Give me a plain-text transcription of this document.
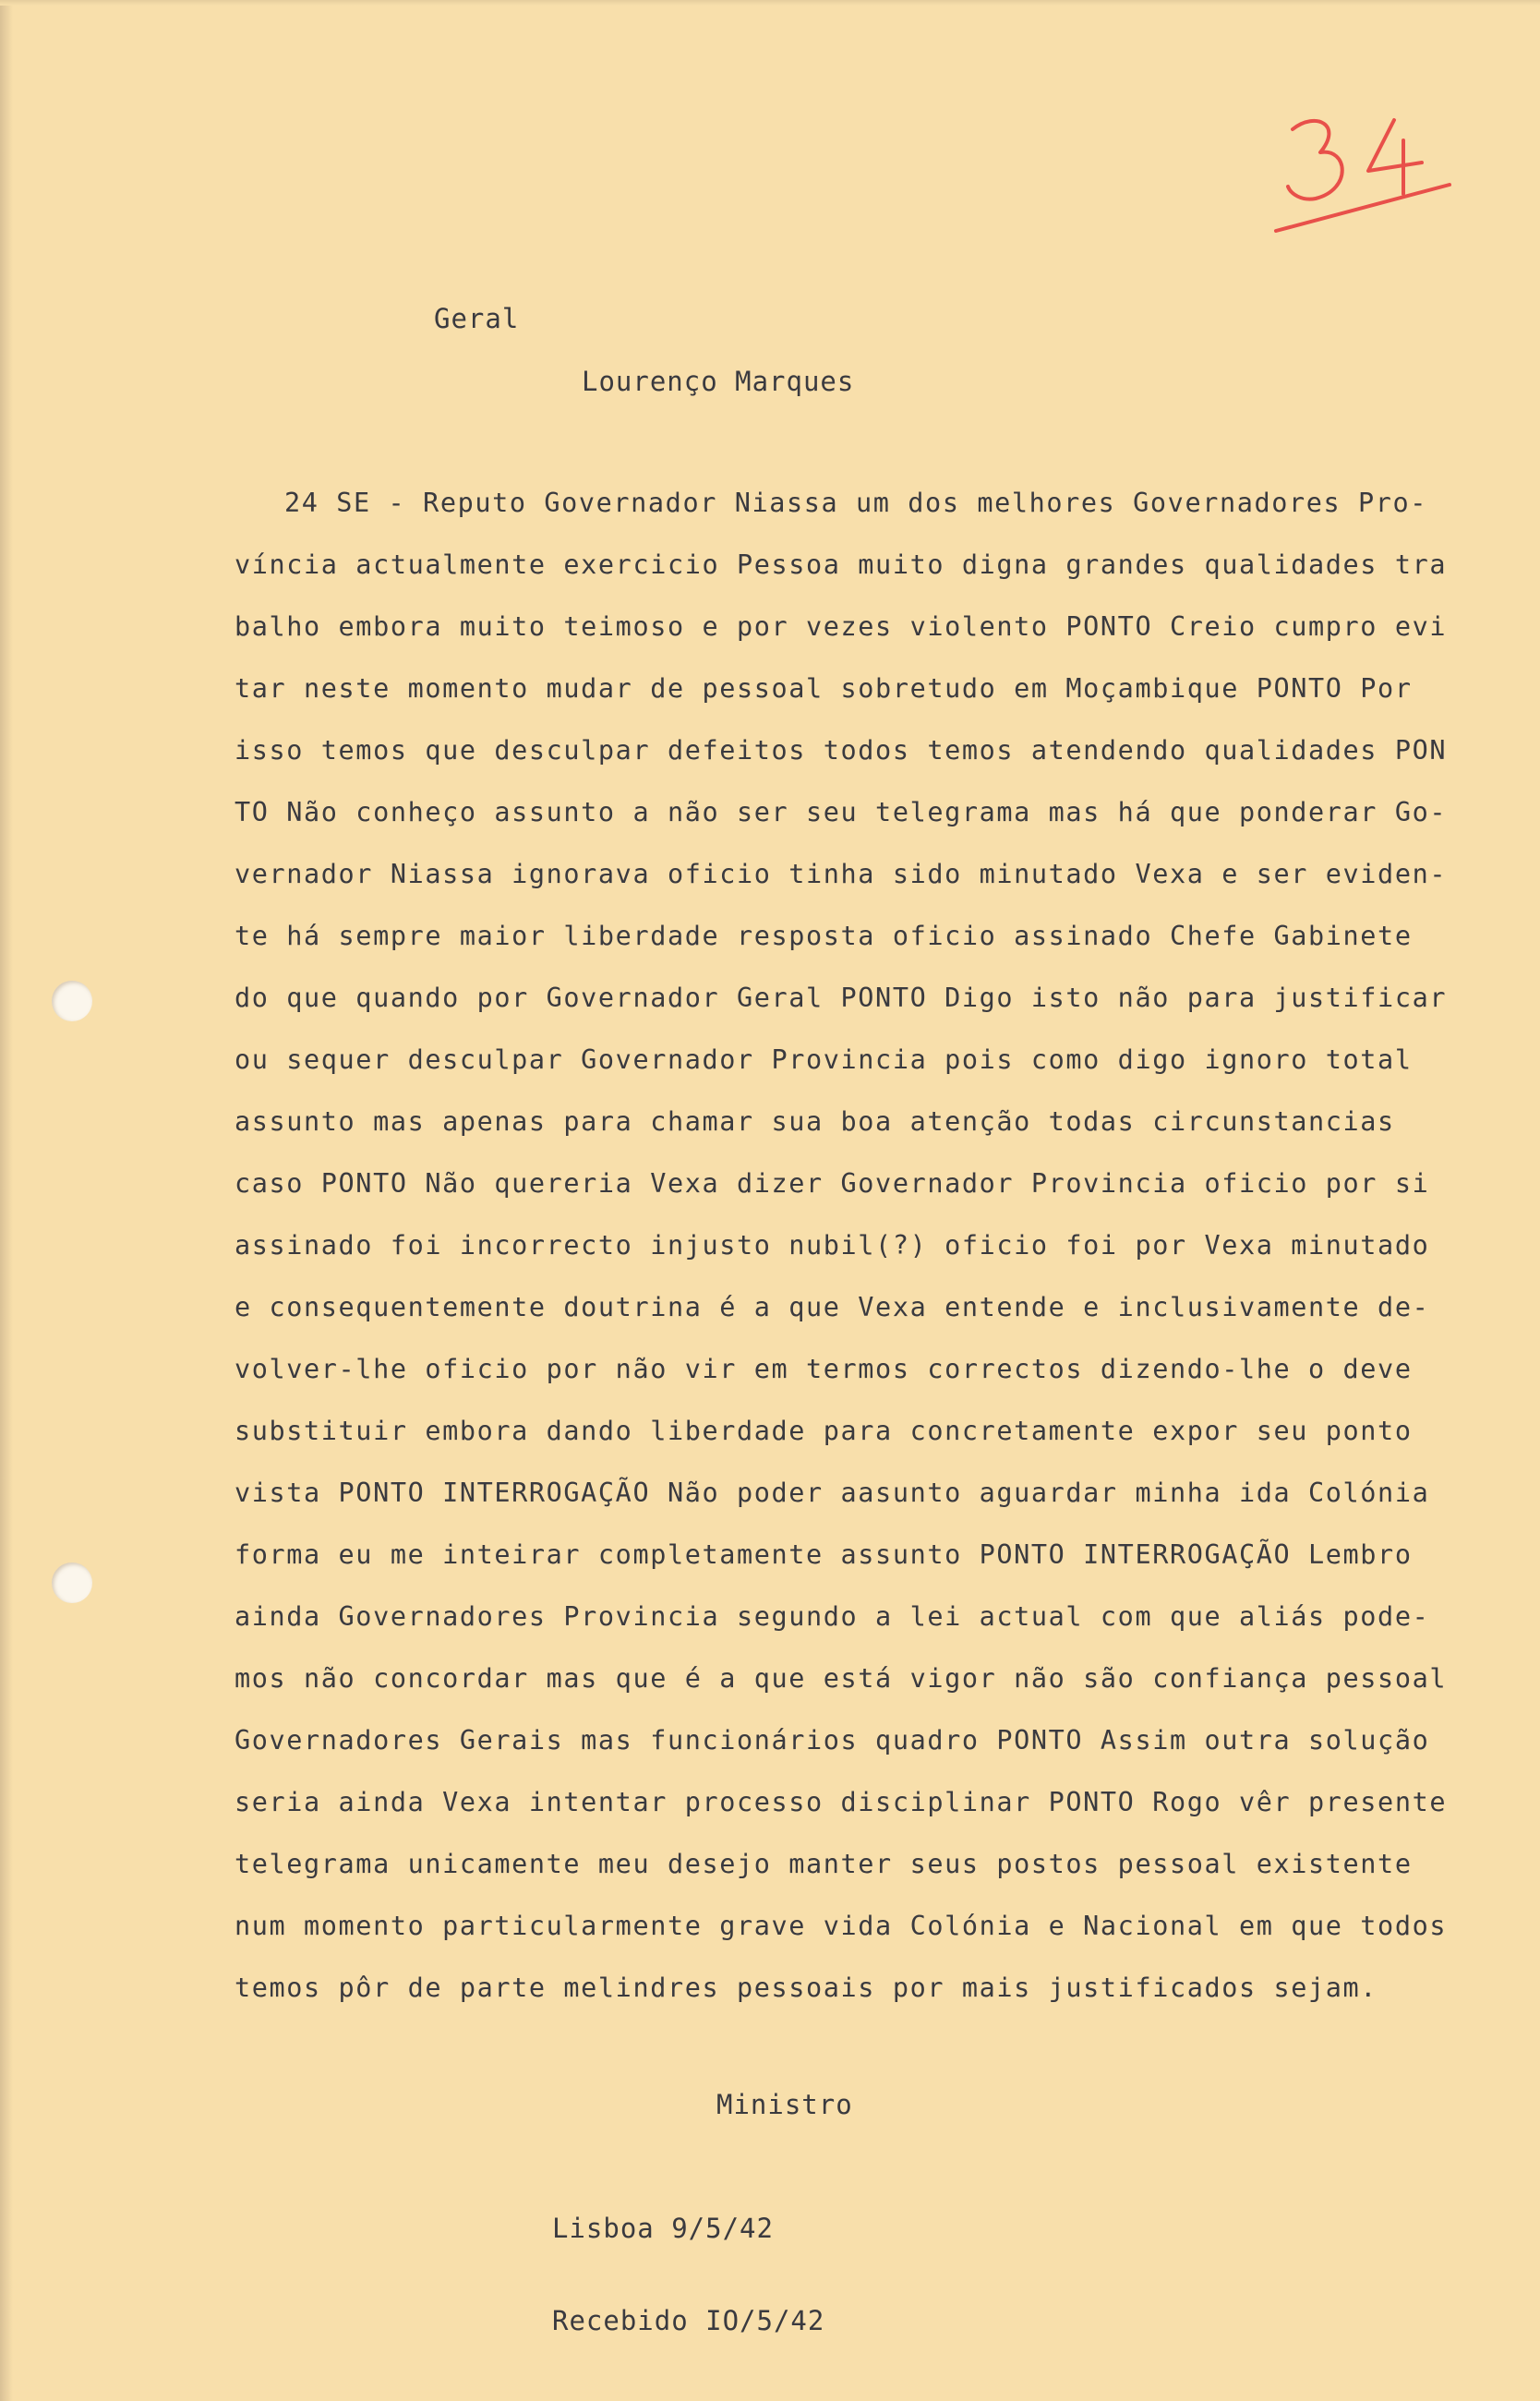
Geral
Lourenço Marques
24 SE - Reputo Governador Niassa um dos melhores Governadores Pro-
víncia actualmente exercicio Pessoa muito digna grandes qualidades tra
balho embora muito teimoso e por vezes violento PONTO Creio cumpro evi
tar neste momento mudar de pessoal sobretudo em Moçambique PONTO Por
isso temos que desculpar defeitos todos temos atendendo qualidades PON
TO Não conheço assunto a não ser seu telegrama mas há que ponderar Go-
vernador Niassa ignorava oficio tinha sido minutado Vexa e ser eviden-
te há sempre maior liberdade resposta oficio assinado Chefe Gabinete
do que quando por Governador Geral PONTO Digo isto não para justificar
ou sequer desculpar Governador Provincia pois como digo ignoro total
assunto mas apenas para chamar sua boa atenção todas circunstancias
caso PONTO Não quereria Vexa dizer Governador Provincia oficio por si
assinado foi incorrecto injusto nubil(?) oficio foi por Vexa minutado
e consequentemente doutrina é a que Vexa entende e inclusivamente de-
volver-lhe oficio por não vir em termos correctos dizendo-lhe o deve
substituir embora dando liberdade para concretamente expor seu ponto
vista PONTO INTERROGAÇÃO Não poder aasunto aguardar minha ida Colónia
forma eu me inteirar completamente assunto PONTO INTERROGAÇÃO Lembro
ainda Governadores Provincia segundo a lei actual com que aliás pode-
mos não concordar mas que é a que está vigor não são confiança pessoal
Governadores Gerais mas funcionários quadro PONTO Assim outra solução
seria ainda Vexa intentar processo disciplinar PONTO Rogo vêr presente
telegrama unicamente meu desejo manter seus postos pessoal existente
num momento particularmente grave vida Colónia e Nacional em que todos
temos pôr de parte melindres pessoais por mais justificados sejam.
Ministro
Lisboa 9/5/42
Recebido IO/5/42
